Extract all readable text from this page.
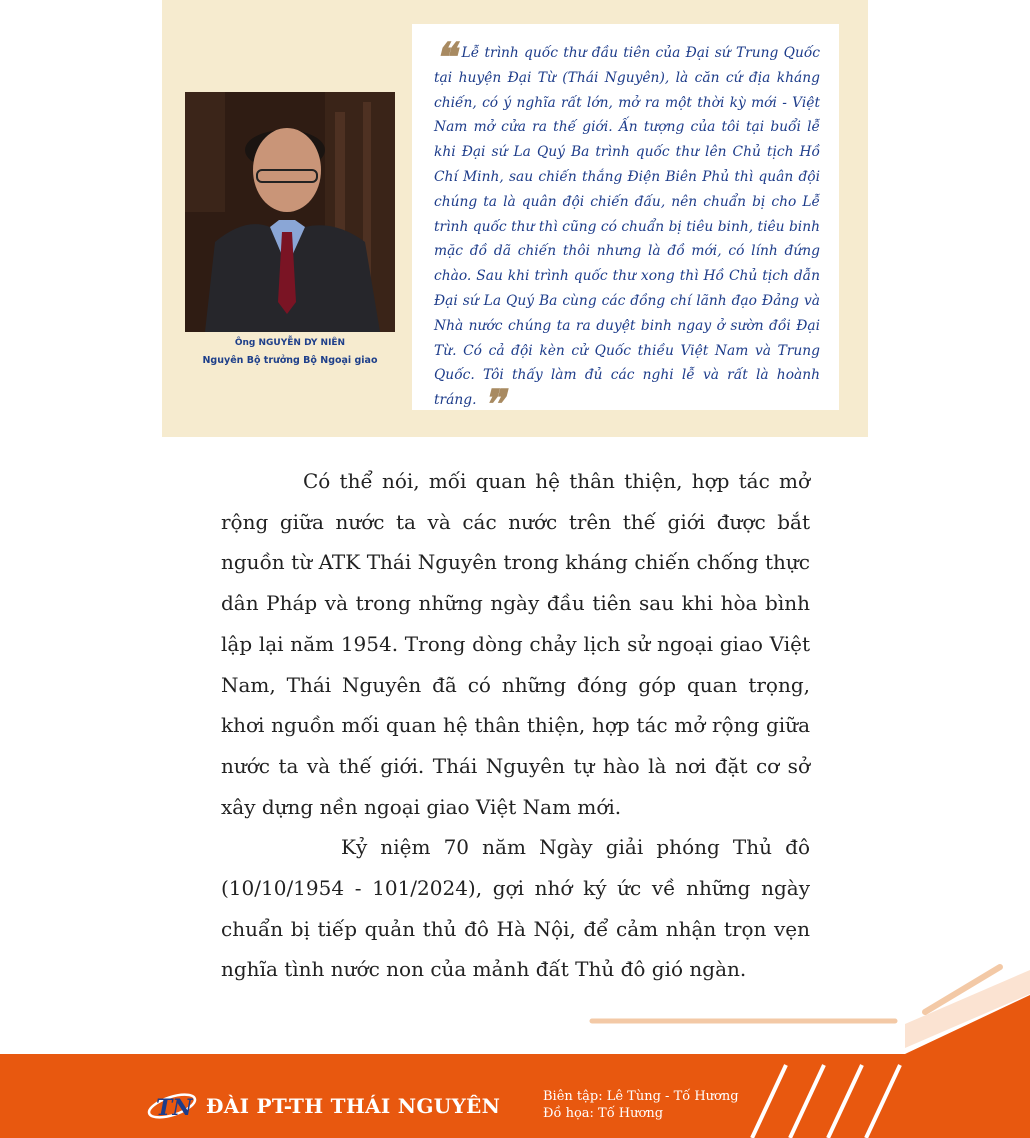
Ông NGUYỄN DY NIÊN
Nguyên Bộ trưởng Bộ Ngoại giao

❝ Lễ trình quốc thư đầu tiên của Đại sứ Trung Quốc tại huyện Đại Từ (Thái Nguyên), là căn cứ địa kháng chiến, có ý nghĩa rất lớn, mở ra một thời kỳ mới - Việt Nam mở cửa ra thế giới. Ấn tượng của tôi tại buổi lễ khi Đại sứ La Quý Ba trình quốc thư lên Chủ tịch Hồ Chí Minh, sau chiến thắng Điện Biên Phủ thì quân đội chúng ta là quân đội chiến đấu, nên chuẩn bị cho Lễ trình quốc thư thì cũng có chuẩn bị tiêu binh, tiêu binh mặc đồ dã chiến thôi nhưng là đồ mới, có lính đứng chào. Sau khi trình quốc thư xong thì Hồ Chủ tịch dẫn Đại sứ La Quý Ba cùng các đồng chí lãnh đạo Đảng và Nhà nước chúng ta ra duyệt binh ngay ở sườn đồi Đại Từ. Có cả đội kèn cử Quốc thiều Việt Nam và Trung Quốc. Tôi thấy làm đủ các nghi lễ và rất là hoành tráng. ❞

Có thể nói, mối quan hệ thân thiện, hợp tác mở rộng giữa nước ta và các nước trên thế giới được bắt nguồn từ ATK Thái Nguyên trong kháng chiến chống thực dân Pháp và trong những ngày đầu tiên sau khi hòa bình lập lại năm 1954. Trong dòng chảy lịch sử ngoại giao Việt Nam, Thái Nguyên đã có những đóng góp quan trọng, khơi nguồn mối quan hệ thân thiện, hợp tác mở rộng giữa nước ta và thế giới. Thái Nguyên tự hào là nơi đặt cơ sở xây dựng nền ngoại giao Việt Nam mới.

Kỷ niệm 70 năm Ngày giải phóng Thủ đô (10/10/1954 - 101/2024), gợi nhớ ký ức về những ngày chuẩn bị tiếp quản thủ đô Hà Nội, để cảm nhận trọn vẹn nghĩa tình nước non của mảnh đất Thủ đô gió ngàn.

TN ĐÀI PT-TH THÁI NGUYÊN	Biên tập: Lê Tùng - Tố Hương
Đồ họa: Tố Hương
